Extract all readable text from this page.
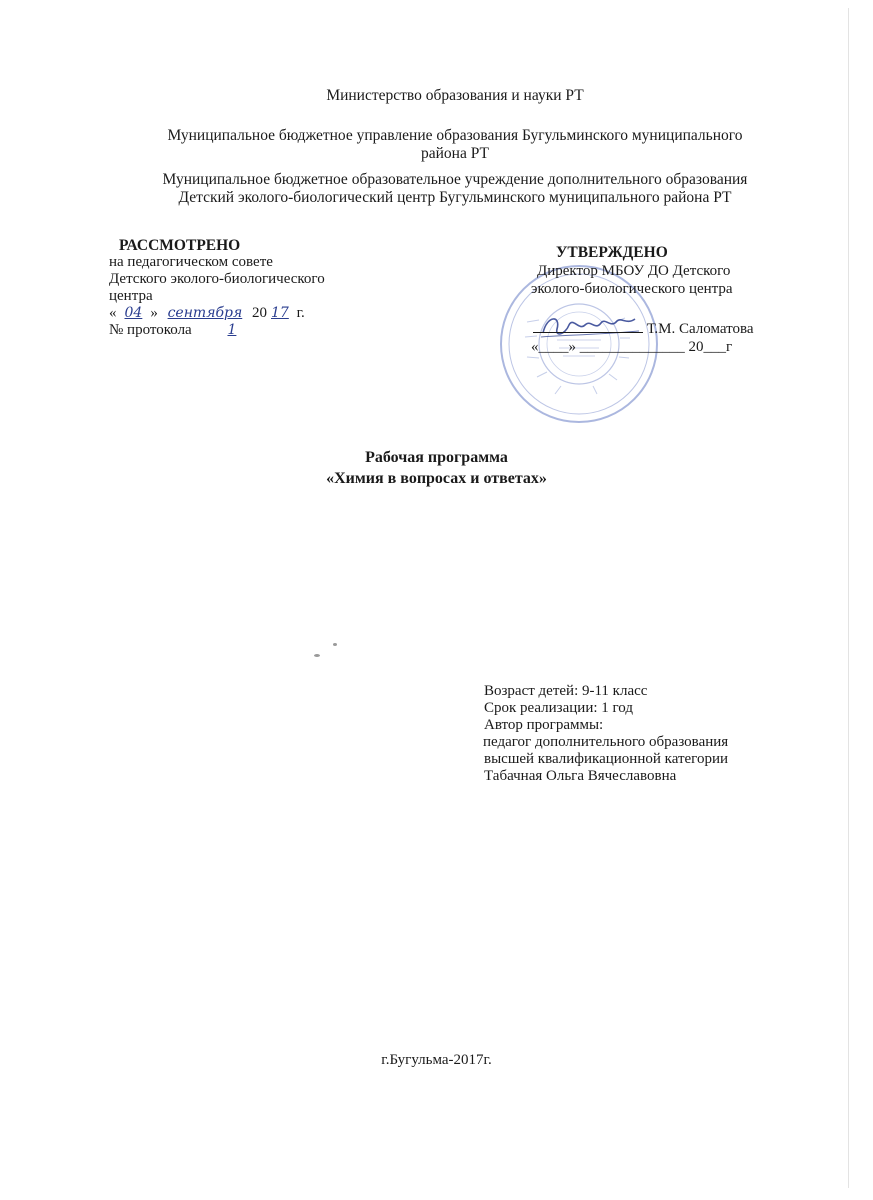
Министерство образования и науки РТ
Муниципальное бюджетное управление образования Бугульминского муниципального
района РТ
Муниципальное бюджетное образовательное учреждение дополнительного образования
Детский эколого-биологический центр Бугульминского муниципального района РТ
РАССМОТРЕНО
на педагогическом совете
Детского эколого-биологического
центра
« 04 » сентября 20 17 г.
№ протокола	1
УТВЕРЖДЕНО
Директор МБОУ ДО Детского
эколого-биологического центра
Т.М. Саломатова
«____» ______________ 20___г
Рабочая программа
«Химия в вопросах и ответах»
Возраст детей: 9-11 класс
Срок реализации: 1 год
Автор программы:
педагог дополнительного образования
высшей квалификационной категории
Табачная Ольга Вячеславовна
г.Бугульма-2017г.
